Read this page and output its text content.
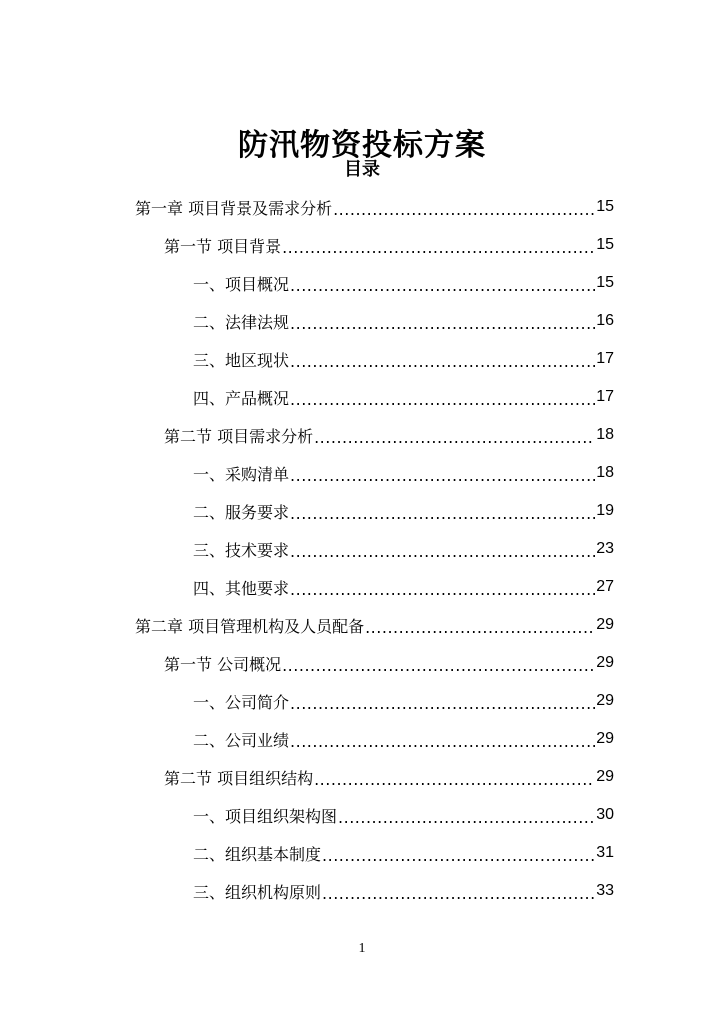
防汛物资投标方案
目录
第一章 项目背景及需求分析 .....	15
第一节 项目背景 .....	15
一、项目概况 .....	15
二、法律法规 .....	16
三、地区现状 .....	17
四、产品概况 .....	17
第二节 项目需求分析 .....	18
一、采购清单 .....	18
二、服务要求 .....	19
三、技术要求 .....	23
四、其他要求 .....	27
第二章 项目管理机构及人员配备 .....	29
第一节 公司概况 .....	29
一、公司简介 .....	29
二、公司业绩 .....	29
第二节 项目组织结构 .....	29
一、项目组织架构图 .....	30
二、组织基本制度 .....	31
三、组织机构原则 .....	33
1
